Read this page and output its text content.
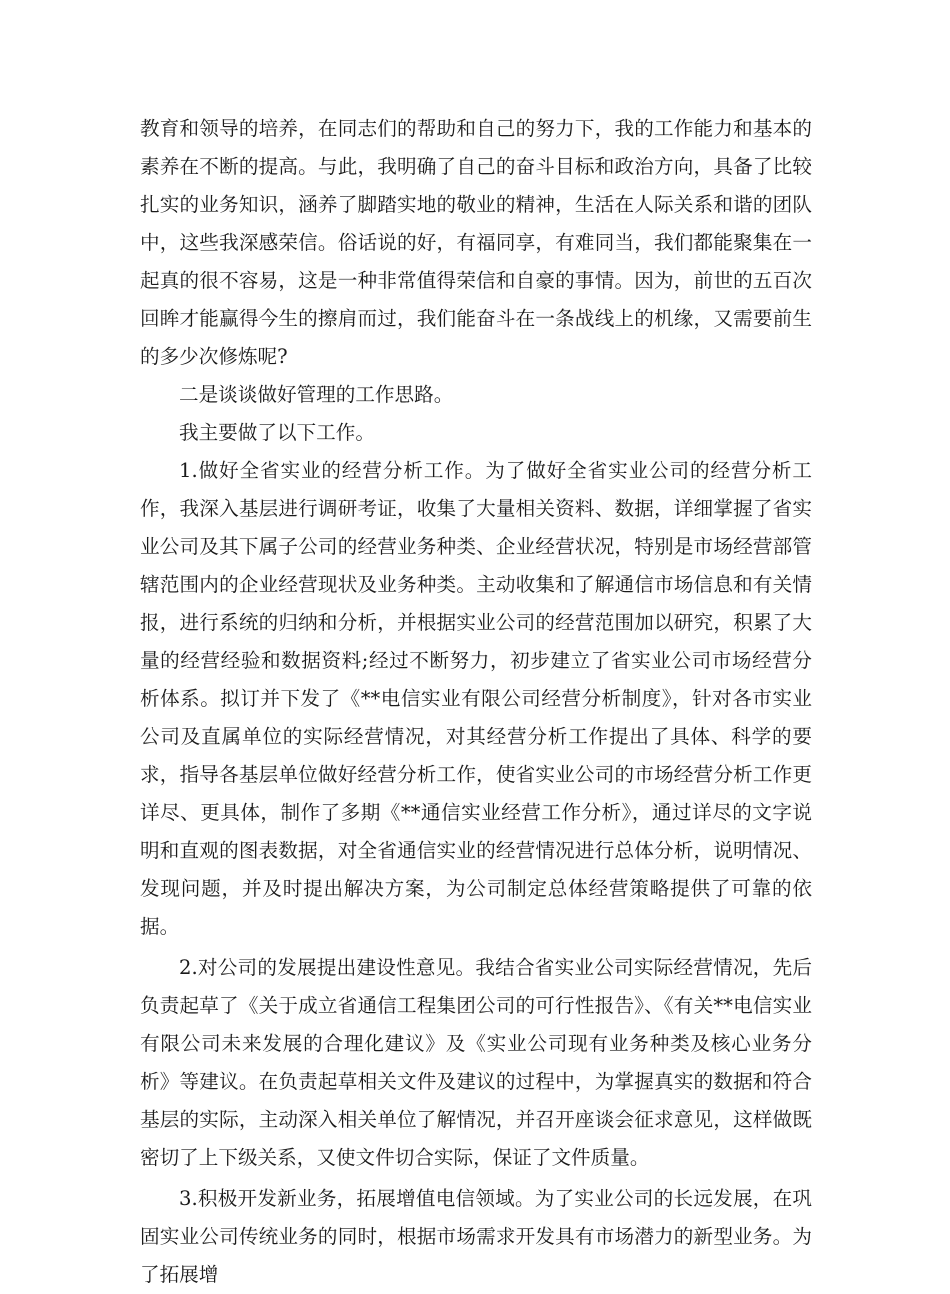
教育和领导的培养，在同志们的帮助和自己的努力下，我的工作能力和基本的素养在不断的提高。与此，我明确了自己的奋斗目标和政治方向，具备了比较扎实的业务知识，涵养了脚踏实地的敬业的精神，生活在人际关系和谐的团队中，这些我深感荣信。俗话说的好，有福同享，有难同当，我们都能聚集在一起真的很不容易，这是一种非常值得荣信和自豪的事情。因为，前世的五百次回眸才能赢得今生的擦肩而过，我们能奋斗在一条战线上的机缘，又需要前生的多少次修炼呢?

二是谈谈做好管理的工作思路。

我主要做了以下工作。

1.做好全省实业的经营分析工作。为了做好全省实业公司的经营分析工作，我深入基层进行调研考证，收集了大量相关资料、数据，详细掌握了省实业公司及其下属子公司的经营业务种类、企业经营状况，特别是市场经营部管辖范围内的企业经营现状及业务种类。主动收集和了解通信市场信息和有关情报，进行系统的归纳和分析，并根据实业公司的经营范围加以研究，积累了大量的经营经验和数据资料;经过不断努力，初步建立了省实业公司市场经营分析体系。拟订并下发了《**电信实业有限公司经营分析制度》，针对各市实业公司及直属单位的实际经营情况，对其经营分析工作提出了具体、科学的要求，指导各基层单位做好经营分析工作，使省实业公司的市场经营分析工作更详尽、更具体，制作了多期《**通信实业经营工作分析》，通过详尽的文字说明和直观的图表数据，对全省通信实业的经营情况进行总体分析，说明情况、发现问题，并及时提出解决方案，为公司制定总体经营策略提供了可靠的依据。

2.对公司的发展提出建设性意见。我结合省实业公司实际经营情况，先后负责起草了《关于成立省通信工程集团公司的可行性报告》、《有关**电信实业有限公司未来发展的合理化建议》及《实业公司现有业务种类及核心业务分析》等建议。在负责起草相关文件及建议的过程中，为掌握真实的数据和符合基层的实际，主动深入相关单位了解情况，并召开座谈会征求意见，这样做既密切了上下级关系，又使文件切合实际，保证了文件质量。

3.积极开发新业务，拓展增值电信领域。为了实业公司的长远发展，在巩固实业公司传统业务的同时，根据市场需求开发具有市场潜力的新型业务。为了拓展增
